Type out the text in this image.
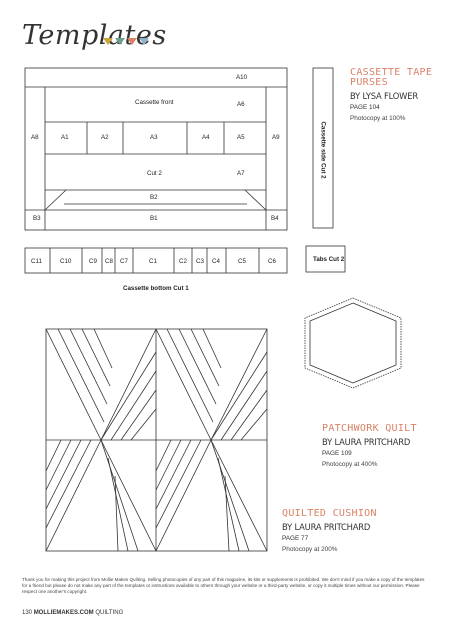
Templates
A10
Cassette front	A6
A8	A1	A2	A3	A4	A5	A9
Cut 2	A7
B2
B3	B1	B4
Cassette side Cut 2
Tabs Cut 2
C11	C10	C9 C8 C7	C1	C2 C3 C4	C5	C6
Cassette bottom Cut 1
CASSETTE TAPE
PURSES
BY LYSA FLOWER
PAGE 104
Photocopy at 100%
PATCHWORK QUILT
BY LAURA PRITCHARD
PAGE 109
Photocopy at 400%
QUILTED CUSHION
BY LAURA PRITCHARD
PAGE 77
Photocopy at 200%
Thank you for making this project from Mollie Makes Quilting. Selling photocopies of any part of this magazine, its kits or supplements is prohibited. We don't mind if you make a copy of the templates for a friend but please do not make any part of the templates or instructions available to others through your website or a third-party website, or copy it multiple times without our permission. Please respect one another's copyright.
130 MOLLIEMAKES.COM QUILTING
